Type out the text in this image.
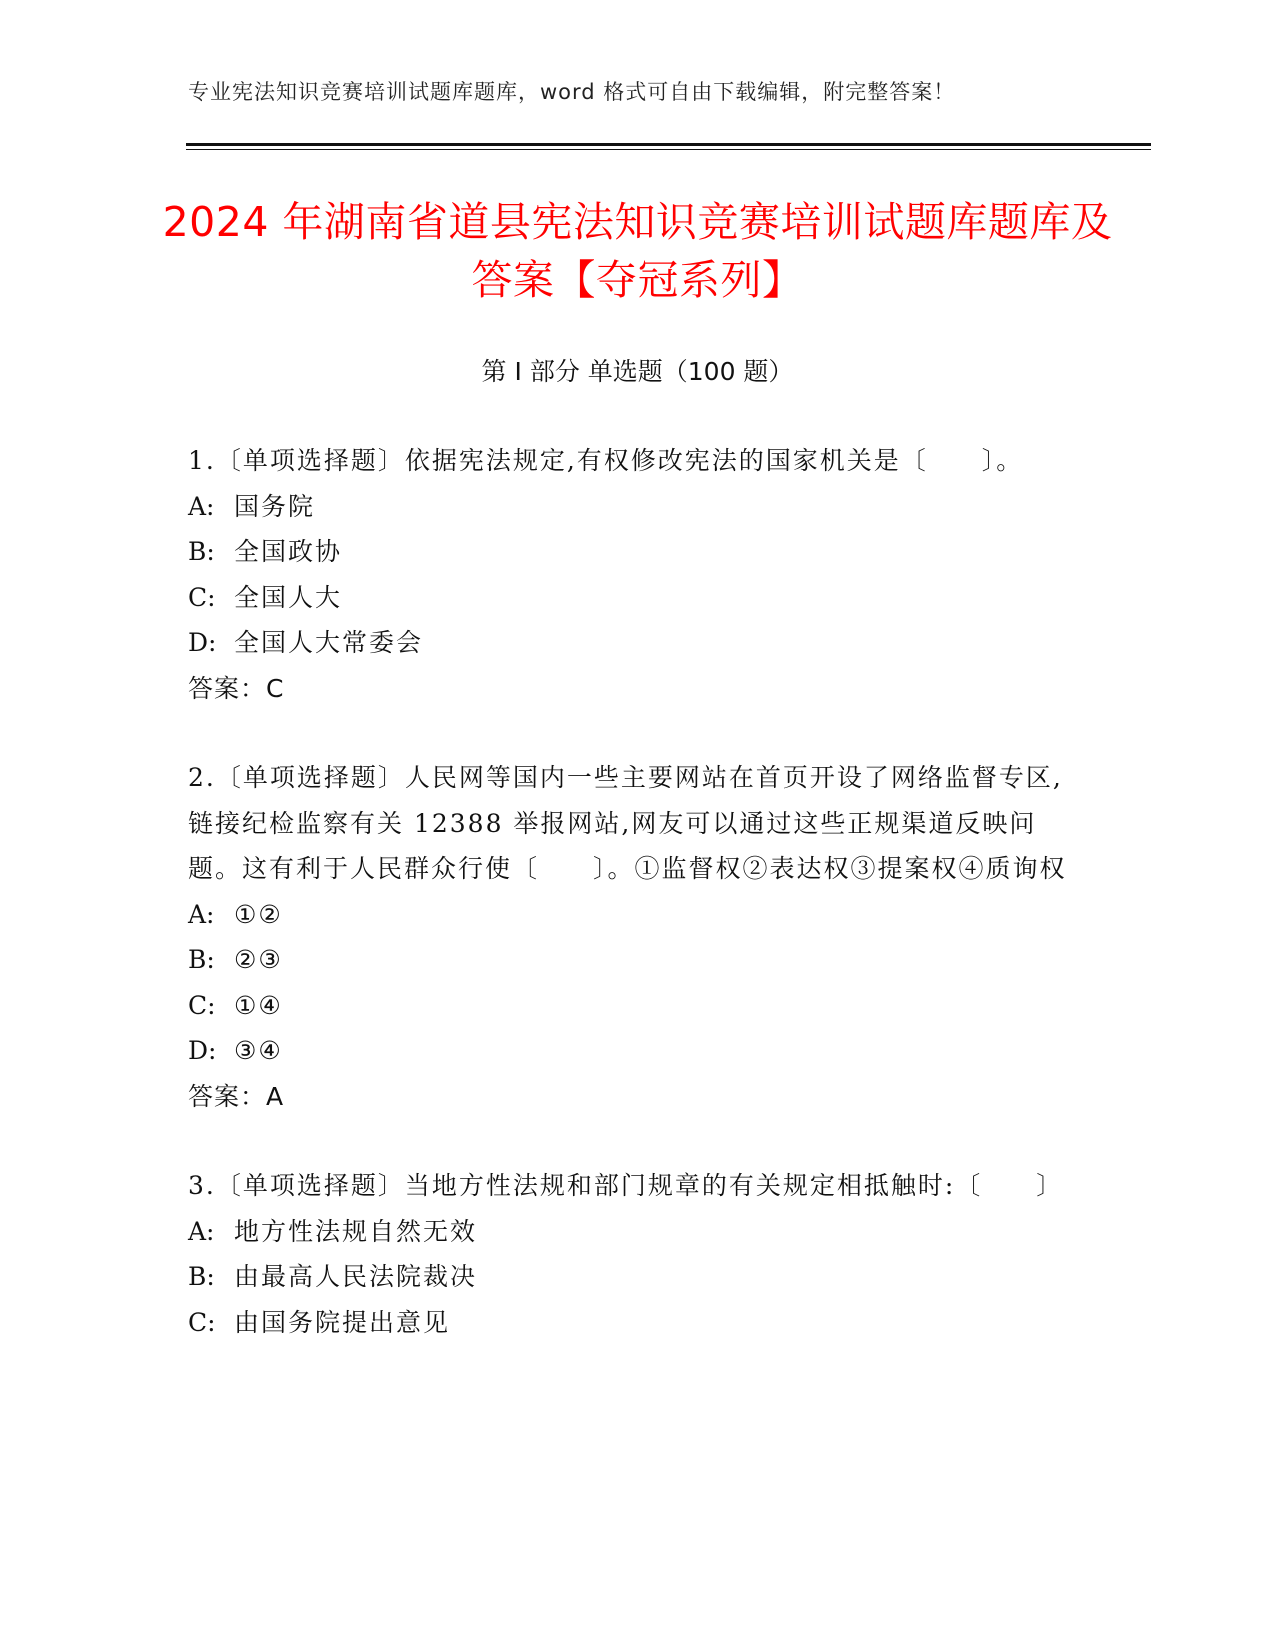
专业宪法知识竞赛培训试题库题库，word 格式可自由下载编辑，附完整答案！
2024 年湖南省道县宪法知识竞赛培训试题库题库及答案【夺冠系列】
第 I 部分 单选题（100 题）

1.〔单项选择题〕依据宪法规定,有权修改宪法的国家机关是〔　　〕。

A: 国务院
B: 全国政协
C: 全国人大
D: 全国人大常委会
答案：C

2.〔单项选择题〕人民网等国内一些主要网站在首页开设了网络监督专区,链接纪检监察有关 12388 举报网站,网友可以通过这些正规渠道反映问题。这有利于人民群众行使〔　　〕。①监督权②表达权③提案权④质询权

A: ①②
B: ②③
C: ①④
D: ③④
答案：A

3.〔单项选择题〕当地方性法规和部门规章的有关规定相抵触时:〔　　〕

A: 地方性法规自然无效
B: 由最高人民法院裁决
C: 由国务院提出意见
